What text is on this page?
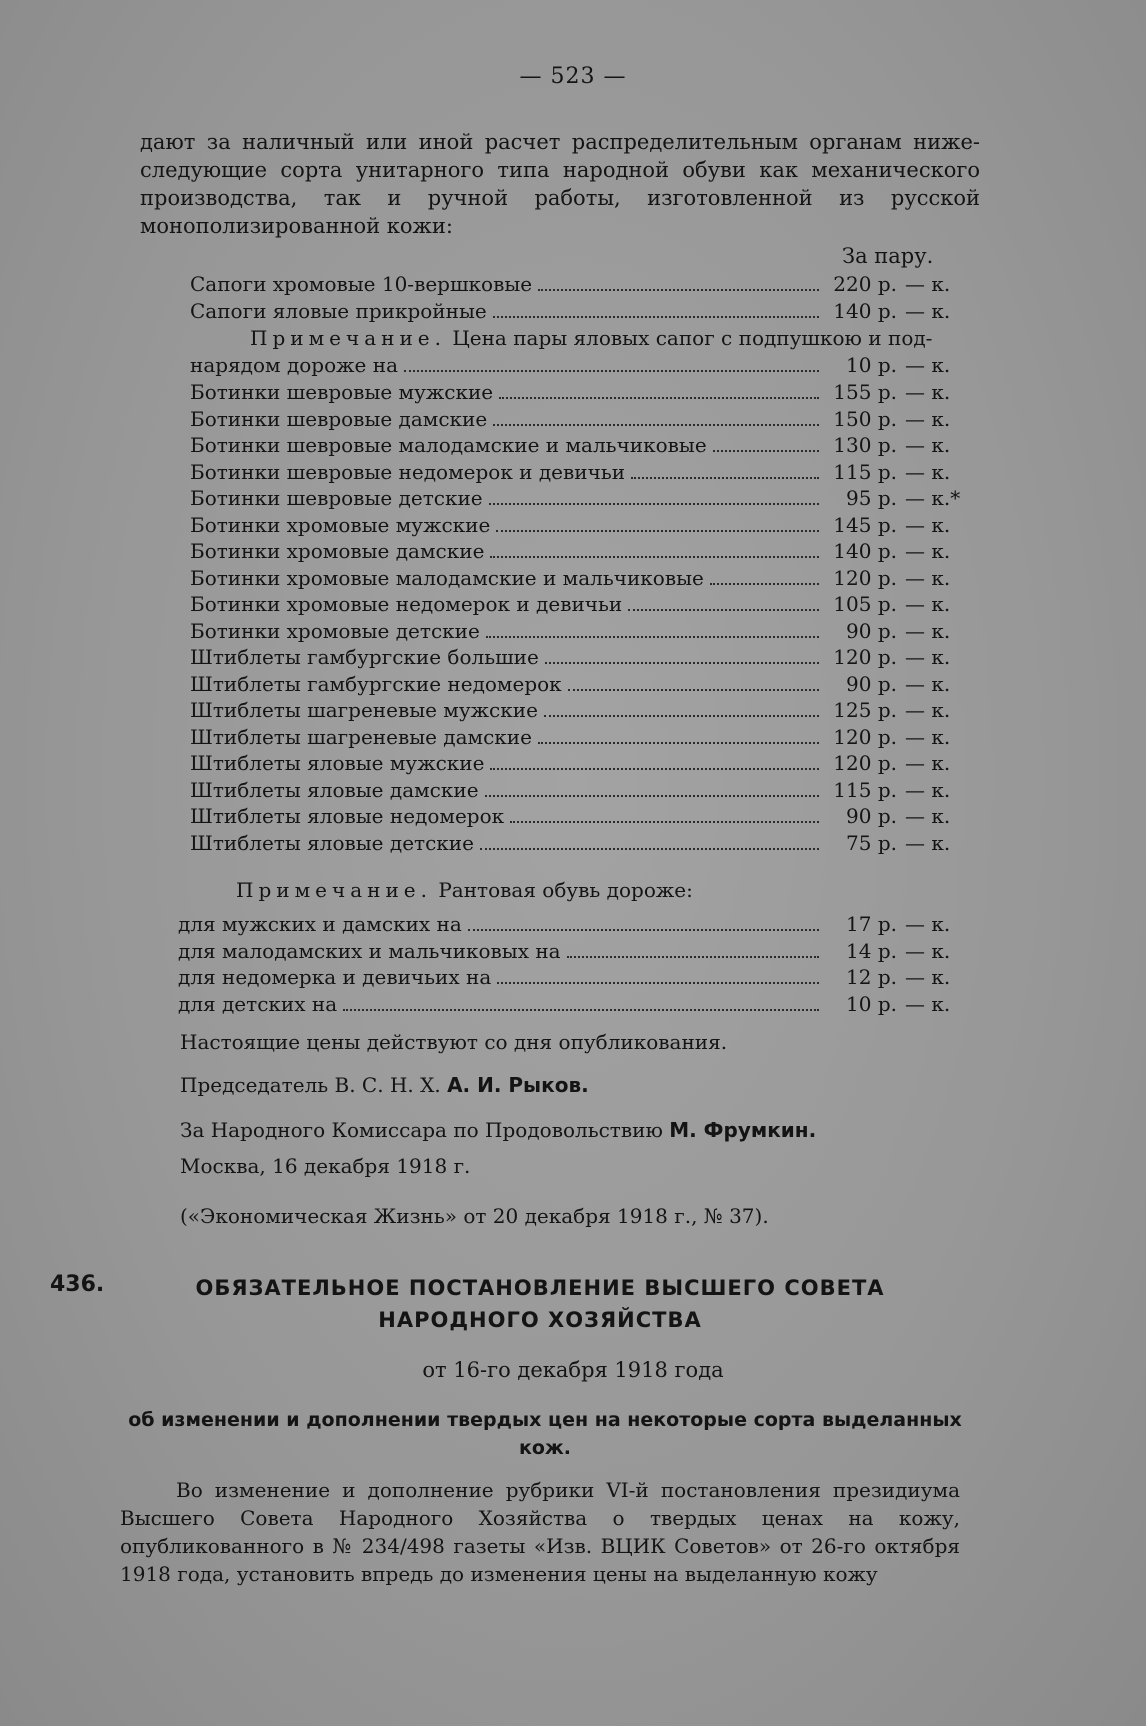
— 523 —
дают за наличный или иной расчет распределительным органам ниже-следующие сорта унитарного типа народной обуви как механического производства, так и ручной работы, изготовленной из русской монополизированной кожи:
За пару.
Сапоги хромовые 10-вершковые	220 р. — к.
Сапоги яловые прикройные	140 р. — к.
Примечание. Цена пары яловых сапог с подпушкою и под-
нарядом дороже на	10 р. — к.
Ботинки шевровые мужские	155 р. — к.
Ботинки шевровые дамские	150 р. — к.
Ботинки шевровые малодамские и мальчиковые	130 р. — к.
Ботинки шевровые недомерок и девичьи	115 р. — к.
Ботинки шевровые детские	95 р. — к.*
Ботинки хромовые мужские	145 р. — к.
Ботинки хромовые дамские	140 р. — к.
Ботинки хромовые малодамские и мальчиковые	120 р. — к.
Ботинки хромовые недомерок и девичьи	105 р. — к.
Ботинки хромовые детские	90 р. — к.
Штиблеты гамбургские большие	120 р. — к.
Штиблеты гамбургские недомерок	90 р. — к.
Штиблеты шагреневые мужские	125 р. — к.
Штиблеты шагреневые дамские	120 р. — к.
Штиблеты яловые мужские	120 р. — к.
Штиблеты яловые дамские	115 р. — к.
Штиблеты яловые недомерок	90 р. — к.
Штиблеты яловые детские	75 р. — к.
Примечание. Рантовая обувь дороже:
для мужских и дамских на	17 р. — к.
для малодамских и мальчиковых на	14 р. — к.
для недомерка и девичьих на	12 р. — к.
для детских на	10 р. — к.
Настоящие цены действуют со дня опубликования.
Председатель В. С. Н. Х. А. И. Рыков.
За Народного Комиссара по Продовольствию М. Фрумкин.
Москва, 16 декабря 1918 г.
(«Экономическая Жизнь» от 20 декабря 1918 г., № 37).
436.	ОБЯЗАТЕЛЬНОЕ ПОСТАНОВЛЕНИЕ ВЫСШЕГО СОВЕТА НАРОДНОГО ХОЗЯЙСТВА
от 16-го декабря 1918 года
об изменении и дополнении твердых цен на некоторые сорта выделанных кож.
Во изменение и дополнение рубрики VI-й постановления президиума Высшего Совета Народного Хозяйства о твердых ценах на кожу, опубликованного в № 234/498 газеты «Изв. ВЦИК Советов» от 26-го октября 1918 года, установить впредь до изменения цены на выделанную кожу
